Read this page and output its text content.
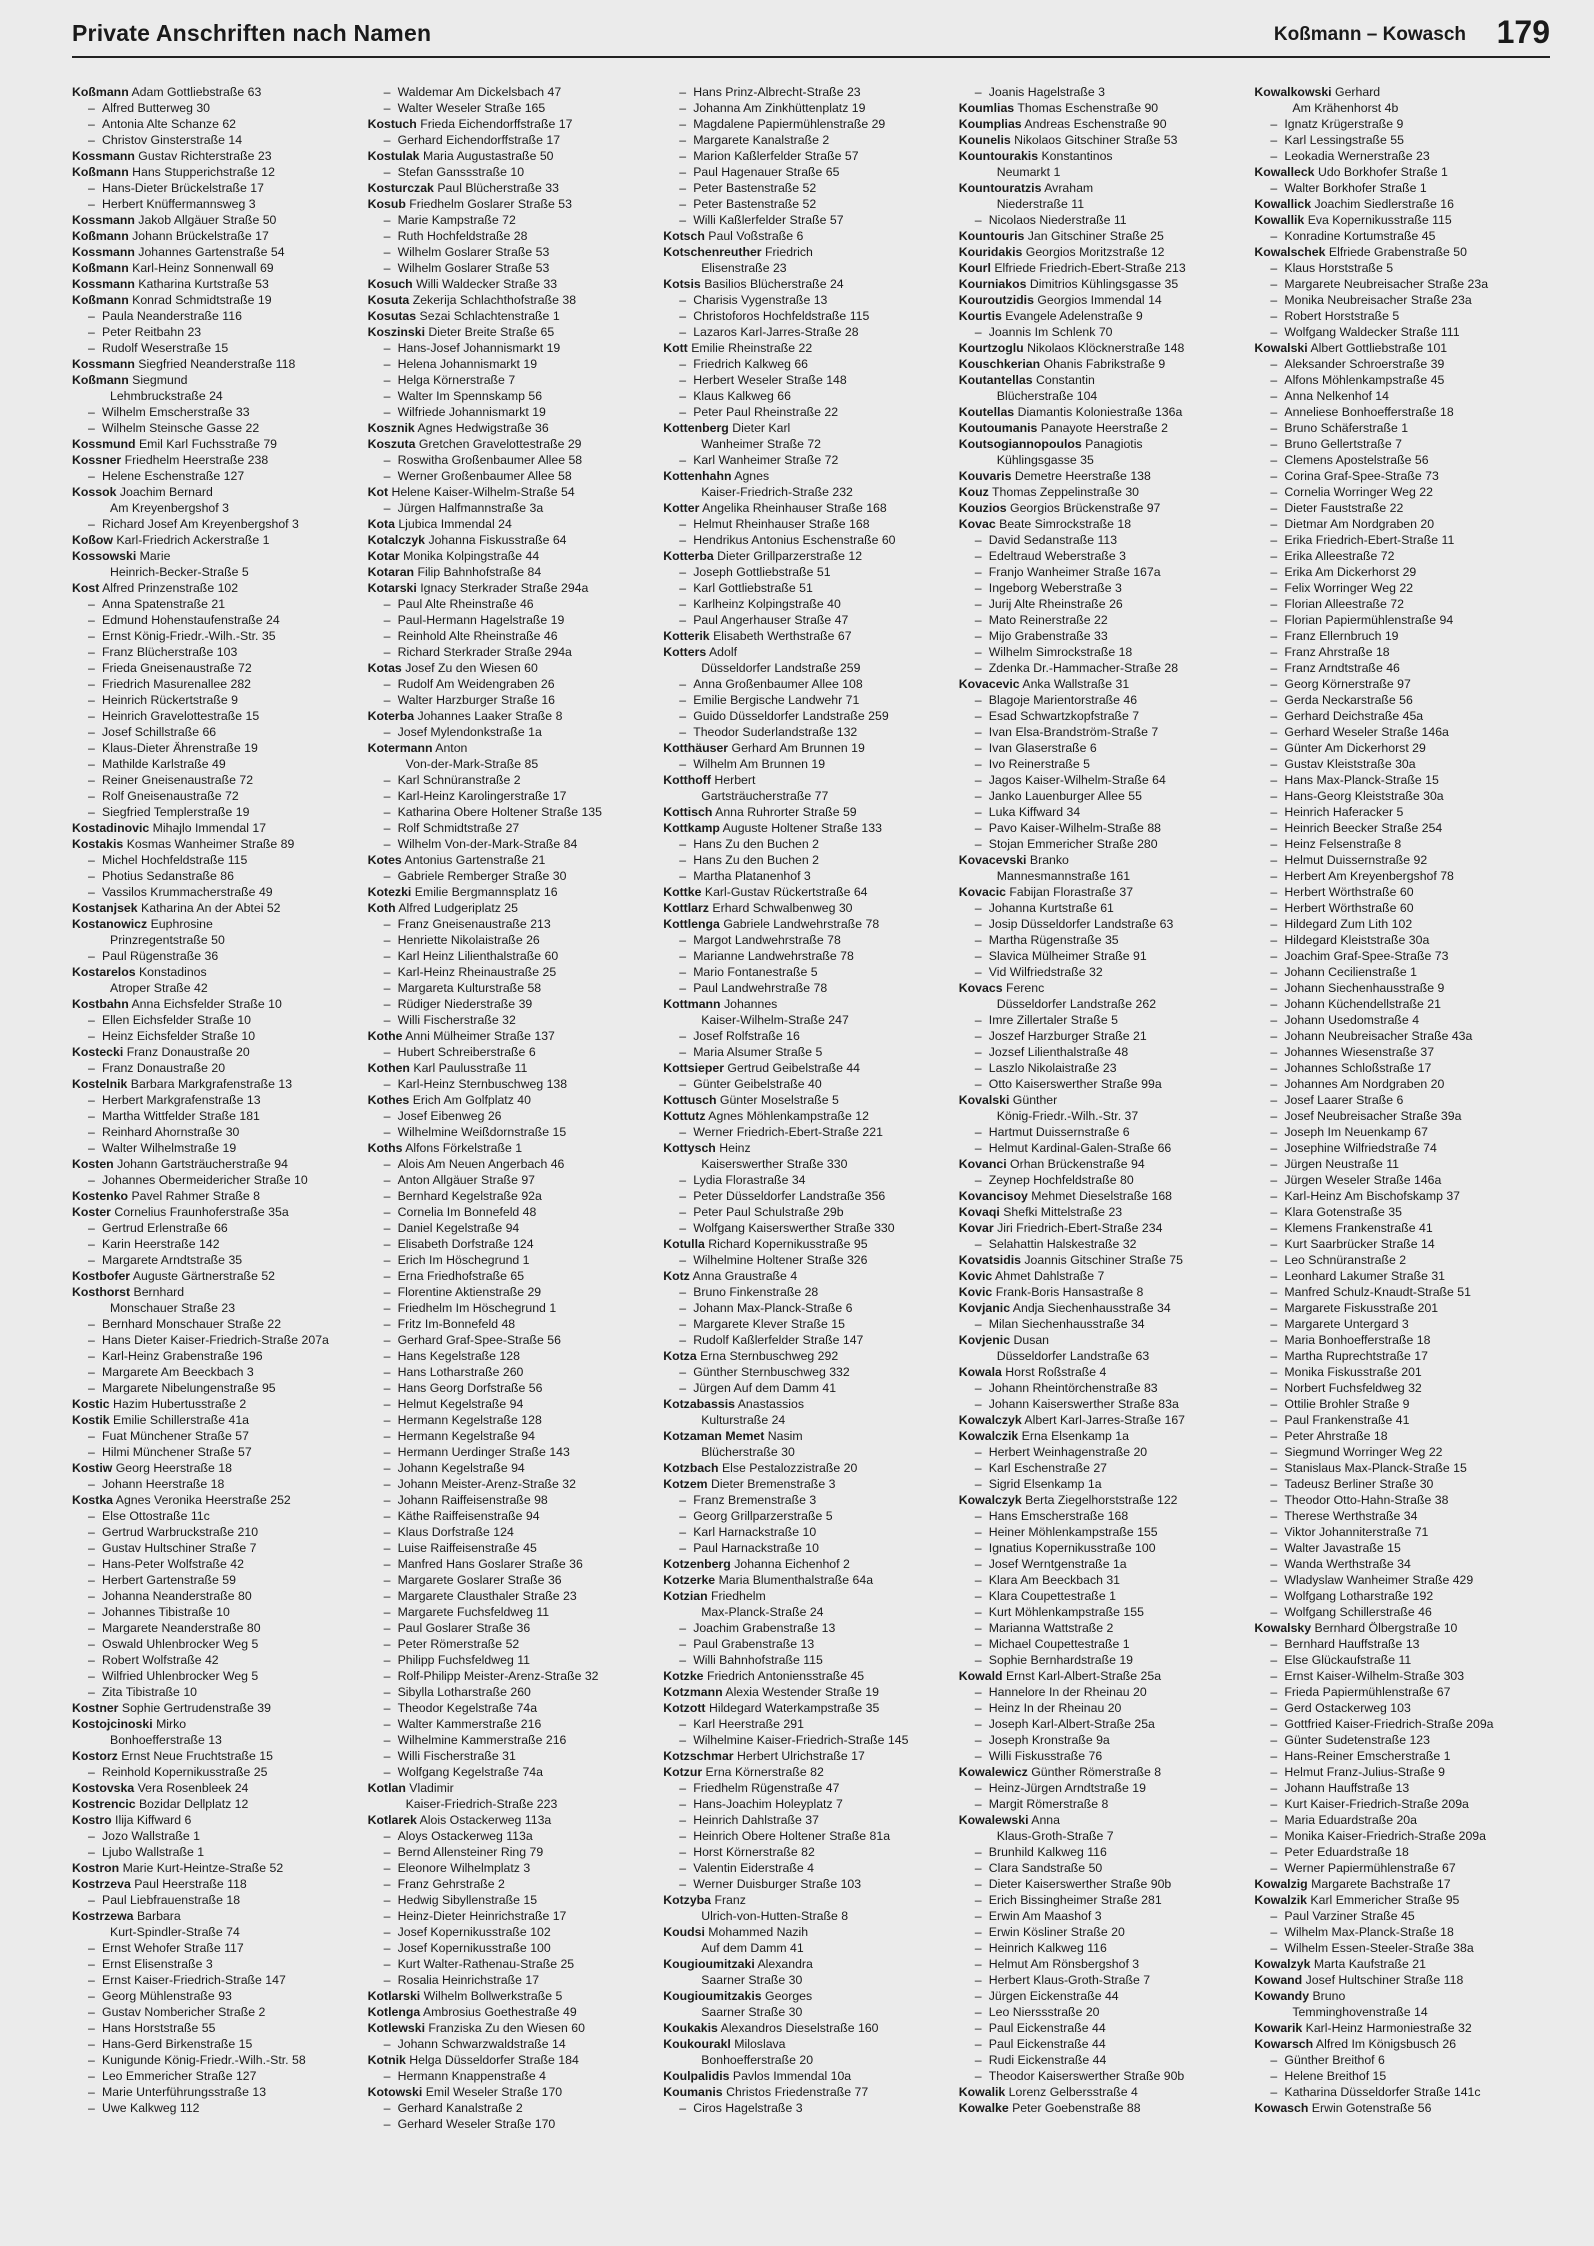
Private Anschriften nach Namen	Koßmann – Kowasch 179
Koßmann Adam Gottliebstraße 63
– Alfred Butterweg 30
– Antonia Alte Schanze 62
– Christov Ginsterstraße 14
Kossmann Gustav Richterstraße 23
Koßmann Hans Stupperichstraße 12
– Hans-Dieter Brückelstraße 17
– Herbert Knüffermannsweg 3
Kossmann Jakob Allgäuer Straße 50
Koßmann Johann Brückelstraße 17
Kossmann Johannes Gartenstraße 54
Koßmann Karl-Heinz Sonnenwall 69
Kossmann Katharina Kurtstraße 53
Koßmann Konrad Schmidtstraße 19
– Paula Neanderstraße 116
– Peter Reitbahn 23
– Rudolf Weserstraße 15
Kossmann Siegfried Neanderstraße 118
Koßmann Siegmund
Lehmbruckstraße 24
– Wilhelm Emscherstraße 33
– Wilhelm Steinsche Gasse 22
Kossmund Emil Karl Fuchsstraße 79
Kossner Friedhelm Heerstraße 238
– Helene Eschenstraße 127
Kossok Joachim Bernard
Am Kreyenbergshof 3
– Richard Josef Am Kreyenbergshof 3
Koßow Karl-Friedrich Ackerstraße 1
Kossowski Marie
Heinrich-Becker-Straße 5
Kost Alfred Prinzenstraße 102
– Anna Spatenstraße 21
– Edmund Hohenstaufenstraße 24
– Ernst König-Friedr.-Wilh.-Str. 35
– Franz Blücherstraße 103
– Frieda Gneisenaustraße 72
– Friedrich Masurenallee 282
– Heinrich Rückertstraße 9
– Heinrich Gravelottestraße 15
– Josef Schillstraße 66
– Klaus-Dieter Ährenstraße 19
– Mathilde Karlstraße 49
– Reiner Gneisenaustraße 72
– Rolf Gneisenaustraße 72
– Siegfried Templerstraße 19
Kostadinovic Mihajlo Immendal 17
Kostakis Kosmas Wanheimer Straße 89
– Michel Hochfeldstraße 115
– Photius Sedanstraße 86
– Vassilos Krummacherstraße 49
Kostanjsek Katharina An der Abtei 52
Kostanowicz Euphrosine
Prinzregentstraße 50
– Paul Rügenstraße 36
Kostarelos Konstadinos
Atroper Straße 42
Kostbahn Anna Eichsfelder Straße 10
– Ellen Eichsfelder Straße 10
– Heinz Eichsfelder Straße 10
Kostecki Franz Donaustraße 20
– Franz Donaustraße 20
Kostelnik Barbara Markgrafenstraße 13
– Herbert Markgrafenstraße 13
– Martha Wittfelder Straße 181
– Reinhard Ahornstraße 30
– Walter Wilhelmstraße 19
Kosten Johann Gartsträucherstraße 94
– Johannes Obermeidericher Straße 10
Kostenko Pavel Rahmer Straße 8
Koster Cornelius Fraunhoferstraße 35a
– Gertrud Erlenstraße 66
– Karin Heerstraße 142
– Margarete Arndtstraße 35
Kostbofer Auguste Gärtnerstraße 52
Kosthorst Bernhard
Monschauer Straße 23
– Bernhard Monschauer Straße 22
– Hans Dieter Kaiser-Friedrich-Straße 207a
– Karl-Heinz Grabenstraße 196
– Margarete Am Beeckbach 3
– Margarete Nibelungenstraße 95
Kostic Hazim Hubertusstraße 2
Kostik Emilie Schillerstraße 41a
– Fuat Münchener Straße 57
– Hilmi Münchener Straße 57
Kostiw Georg Heerstraße 18
– Johann Heerstraße 18
Kostka Agnes Veronika Heerstraße 252
– Else Ottostraße 11c
– Gertrud Warbruckstraße 210
– Gustav Hultschiner Straße 7
– Hans-Peter Wolfstraße 42
– Herbert Gartenstraße 59
– Johanna Neanderstraße 80
– Johannes Tibistraße 10
– Margarete Neanderstraße 80
– Oswald Uhlenbrocker Weg 5
– Robert Wolfstraße 42
– Wilfried Uhlenbrocker Weg 5
– Zita Tibistraße 10
Kostner Sophie Gertrudenstraße 39
Kostojcinoski Mirko
Bonhoefferstraße 13
Kostorz Ernst Neue Fruchtstraße 15
– Reinhold Kopernikusstraße 25
Kostovska Vera Rosenbleek 24
Kostrencic Bozidar Dellplatz 12
Kostro Ilija Kiffward 6
– Jozo Wallstraße 1
– Ljubo Wallstraße 1
Kostron Marie Kurt-Heintze-Straße 52
Kostrzeva Paul Heerstraße 118
– Paul Liebfrauenstraße 18
Kostrzewa Barbara
Kurt-Spindler-Straße 74
– Ernst Wehofer Straße 117
– Ernst Elisenstraße 3
– Ernst Kaiser-Friedrich-Straße 147
– Georg Mühlenstraße 93
– Gustav Nombericher Straße 2
– Hans Horststraße 55
– Hans-Gerd Birkenstraße 15
– Kunigunde König-Friedr.-Wilh.-Str. 58
– Leo Emmericher Straße 127
– Marie Unterführungsstraße 13
– Uwe Kalkweg 112
– Waldemar Am Dickelsbach 47
– Walter Weseler Straße 165
Kostuch Frieda Eichendorffstraße 17
– Gerhard Eichendorffstraße 17
Kostulak Maria Augustastraße 50
– Stefan Ganssstraße 10
Kosturczak Paul Blücherstraße 33
Kosub Friedhelm Goslarer Straße 53
– Marie Kampstraße 72
– Ruth Hochfeldstraße 28
– Wilhelm Goslarer Straße 53
– Wilhelm Goslarer Straße 53
Kosuch Willi Waldecker Straße 33
Kosuta Zekerija Schlachthofstraße 38
Kosutas Sezai Schlachtenstraße 1
Koszinski Dieter Breite Straße 65
– Hans-Josef Johannismarkt 19
– Helena Johannismarkt 19
– Helga Körnerstraße 7
– Walter Im Spennskamp 56
– Wilfriede Johannismarkt 19
Kosznik Agnes Hedwigstraße 36
Koszuta Gretchen Gravelottestraße 29
– Roswitha Großenbaumer Allee 58
– Werner Großenbaumer Allee 58
Kot Helene Kaiser-Wilhelm-Straße 54
– Jürgen Halfmannstraße 3a
Kota Ljubica Immendal 24
Kotalczyk Johanna Fiskusstraße 64
Kotar Monika Kolpingstraße 44
Kotaran Filip Bahnhofstraße 84
Kotarski Ignacy Sterkrader Straße 294a
– Paul Alte Rheinstraße 46
– Paul-Hermann Hagelstraße 19
– Reinhold Alte Rheinstraße 46
– Richard Sterkrader Straße 294a
Kotas Josef Zu den Wiesen 60
– Rudolf Am Weidengraben 26
– Walter Harzburger Straße 16
Koterba Johannes Laaker Straße 8
– Josef Mylendonkstraße 1a
Kotermann Anton
Von-der-Mark-Straße 85
– Karl Schnüranstraße 2
– Karl-Heinz Karolingerstraße 17
– Katharina Obere Holtener Straße 135
– Rolf Schmidtstraße 27
– Wilhelm Von-der-Mark-Straße 84
Kotes Antonius Gartenstraße 21
– Gabriele Remberger Straße 30
Kotezki Emilie Bergmannsplatz 16
Koth Alfred Ludgeriplatz 25
– Franz Gneisenaustraße 213
– Henriette Nikolaistraße 26
– Karl Heinz Lilienthalstraße 60
– Karl-Heinz Rheinaustraße 25
– Margareta Kulturstraße 58
– Rüdiger Niederstraße 39
– Willi Fischerstraße 32
Kothe Anni Mülheimer Straße 137
– Hubert Schreiberstraße 6
Kothen Karl Paulusstraße 11
– Karl-Heinz Sternbuschweg 138
Kothes Erich Am Golfplatz 40
– Josef Eibenweg 26
– Wilhelmine Weißdornstraße 15
Koths Alfons Förkelstraße 1
– Alois Am Neuen Angerbach 46
– Anton Allgäuer Straße 97
– Bernhard Kegelstraße 92a
– Cornelia Im Bonnefeld 48
– Daniel Kegelstraße 94
– Elisabeth Dorfstraße 124
– Erich Im Höschegrund 1
– Erna Friedhofstraße 65
– Florentine Aktienstraße 29
– Friedhelm Im Höschegrund 1
– Fritz Im-Bonnefeld 48
– Gerhard Graf-Spee-Straße 56
– Hans Kegelstraße 128
– Hans Lotharstraße 260
– Hans Georg Dorfstraße 56
– Helmut Kegelstraße 94
– Hermann Kegelstraße 128
– Hermann Kegelstraße 94
– Hermann Uerdinger Straße 143
– Johann Kegelstraße 94
– Johann Meister-Arenz-Straße 32
– Johann Raiffeisenstraße 98
– Käthe Raiffeisenstraße 94
– Klaus Dorfstraße 124
– Luise Raiffeisenstraße 45
– Manfred Hans Goslarer Straße 36
– Margarete Goslarer Straße 36
– Margarete Clausthaler Straße 23
– Margarete Fuchsfeldweg 11
– Paul Goslarer Straße 36
– Peter Römerstraße 52
– Philipp Fuchsfeldweg 11
– Rolf-Philipp Meister-Arenz-Straße 32
– Sibylla Lotharstraße 260
– Theodor Kegelstraße 74a
– Walter Kammerstraße 216
– Wilhelmine Kammerstraße 216
– Willi Fischerstraße 31
– Wolfgang Kegelstraße 74a
Kotlan Vladimir
Kaiser-Friedrich-Straße 223
Kotlarek Alois Ostackerweg 113a
– Aloys Ostackerweg 113a
– Bernd Allensteiner Ring 79
– Eleonore Wilhelmplatz 3
– Franz Gehrstraße 2
– Hedwig Sibyllenstraße 15
– Heinz-Dieter Heinrichstraße 17
– Josef Kopernikusstraße 102
– Josef Kopernikusstraße 100
– Kurt Walter-Rathenau-Straße 25
– Rosalia Heinrichstraße 17
Kotlarski Wilhelm Bollwerkstraße 5
Kotlenga Ambrosius Goethestraße 49
Kotlewski Franziska Zu den Wiesen 60
– Johann Schwarzwaldstraße 14
Kotnik Helga Düsseldorfer Straße 184
– Hermann Knappenstraße 4
Kotowski Emil Weseler Straße 170
– Gerhard Kanalstraße 2
– Gerhard Weseler Straße 170
– Hans Prinz-Albrecht-Straße 23
– Johanna Am Zinkhüttenplatz 19
– Magdalene Papiermühlenstraße 29
– Margarete Kanalstraße 2
– Marion Kaßlerfelder Straße 57
– Paul Hagenauer Straße 65
– Peter Bastenstraße 52
– Peter Bastenstraße 52
– Willi Kaßlerfelder Straße 57
Kotsch Paul Voßstraße 6
Kotschenreuther Friedrich
Elisenstraße 23
Kotsis Basilios Blücherstraße 24
– Charisis Vygenstraße 13
– Christoforos Hochfeldstraße 115
– Lazaros Karl-Jarres-Straße 28
Kott Emilie Rheinstraße 22
– Friedrich Kalkweg 66
– Herbert Weseler Straße 148
– Klaus Kalkweg 66
– Peter Paul Rheinstraße 22
Kottenberg Dieter Karl
Wanheimer Straße 72
– Karl Wanheimer Straße 72
Kottenhahn Agnes
Kaiser-Friedrich-Straße 232
Kotter Angelika Rheinhauser Straße 168
– Helmut Rheinhauser Straße 168
– Hendrikus Antonius Eschenstraße 60
Kotterba Dieter Grillparzerstraße 12
– Joseph Gottliebstraße 51
– Karl Gottliebstraße 51
– Karlheinz Kolpingstraße 40
– Paul Angerhauser Straße 47
Kotterik Elisabeth Werthstraße 67
Kotters Adolf
Düsseldorfer Landstraße 259
– Anna Großenbaumer Allee 108
– Emilie Bergische Landwehr 71
– Guido Düsseldorfer Landstraße 259
– Theodor Suderlandstraße 132
Kotthäuser Gerhard Am Brunnen 19
– Wilhelm Am Brunnen 19
Kotthoff Herbert
Gartsträucherstraße 77
Kottisch Anna Ruhrorter Straße 59
Kottkamp Auguste Holtener Straße 133
– Hans Zu den Buchen 2
– Hans Zu den Buchen 2
– Martha Platanenhof 3
Kottke Karl-Gustav Rückertstraße 64
Kottlarz Erhard Schwalbenweg 30
Kottlenga Gabriele Landwehrstraße 78
– Margot Landwehrstraße 78
– Marianne Landwehrstraße 78
– Mario Fontanestraße 5
– Paul Landwehrstraße 78
Kottmann Johannes
Kaiser-Wilhelm-Straße 247
– Josef Rolfstraße 16
– Maria Alsumer Straße 5
Kottsieper Gertrud Geibelstraße 44
– Günter Geibelstraße 40
Kottusch Günter Moselstraße 5
Kottutz Agnes Möhlenkampstraße 12
– Werner Friedrich-Ebert-Straße 221
Kottysch Heinz
Kaiserswerther Straße 330
– Lydia Florastraße 34
– Peter Düsseldorfer Landstraße 356
– Peter Paul Schulstraße 29b
– Wolfgang Kaiserswerther Straße 330
Kotulla Richard Kopernikusstraße 95
– Wilhelmine Holtener Straße 326
Kotz Anna Graustraße 4
– Bruno Finkenstraße 28
– Johann Max-Planck-Straße 6
– Margarete Klever Straße 15
– Rudolf Kaßlerfelder Straße 147
Kotza Erna Sternbuschweg 292
– Günther Sternbuschweg 332
– Jürgen Auf dem Damm 41
Kotzabassis Anastassios
Kulturstraße 24
Kotzaman Memet Nasim
Blücherstraße 30
Kotzbach Else Pestalozzistraße 20
Kotzem Dieter Bremenstraße 3
– Franz Bremenstraße 3
– Georg Grillparzerstraße 5
– Karl Harnackstraße 10
– Paul Harnackstraße 10
Kotzenberg Johanna Eichenhof 2
Kotzerke Maria Blumenthalstraße 64a
Kotzian Friedhelm
Max-Planck-Straße 24
– Joachim Grabenstraße 13
– Paul Grabenstraße 13
– Willi Bahnhofstraße 115
Kotzke Friedrich Antoniensstraße 45
Kotzmann Alexia Westender Straße 19
Kotzott Hildegard Waterkampstraße 35
– Karl Heerstraße 291
– Wilhelmine Kaiser-Friedrich-Straße 145
Kotzschmar Herbert Ulrichstraße 17
Kotzur Erna Körnerstraße 82
– Friedhelm Rügenstraße 47
– Hans-Joachim Holeyplatz 7
– Heinrich Dahlstraße 37
– Heinrich Obere Holtener Straße 81a
– Horst Körnerstraße 82
– Valentin Eiderstraße 4
– Werner Duisburger Straße 103
Kotzyba Franz
Ulrich-von-Hutten-Straße 8
Koudsi Mohammed Nazih
Auf dem Damm 41
Kougioumitzaki Alexandra
Saarner Straße 30
Kougioumitzakis Georges
Saarner Straße 30
Koukakis Alexandros Dieselstraße 160
Koukourakl Miloslava
Bonhoefferstraße 20
Koulpalidis Pavlos Immendal 10a
Koumanis Christos Friedenstraße 77
– Ciros Hagelstraße 3
– Joanis Hagelstraße 3
Koumlias Thomas Eschenstraße 90
Koumplias Andreas Eschenstraße 90
Kounelis Nikolaos Gitschiner Straße 53
Kountourakis Konstantinos
Neumarkt 1
Kountouratzis Avraham
Niederstraße 11
– Nicolaos Niederstraße 11
Kountouris Jan Gitschiner Straße 25
Kouridakis Georgios Moritzstraße 12
Kourl Elfriede Friedrich-Ebert-Straße 213
Kourniakos Dimitrios Kühlingsgasse 35
Kouroutzidis Georgios Immendal 14
Kourtis Evangele Adelenstraße 9
– Joannis Im Schlenk 70
Kourtzoglu Nikolaos Klöcknerstraße 148
Kouschkerian Ohanis Fabrikstraße 9
Koutantellas Constantin
Blücherstraße 104
Koutellas Diamantis Koloniestraße 136a
Koutoumanis Panayote Heerstraße 2
Koutsogiannopoulos Panagiotis
Kühlingsgasse 35
Kouvaris Demetre Heerstraße 138
Kouz Thomas Zeppelinstraße 30
Kouzios Georgios Brückenstraße 97
Kovac Beate Simrockstraße 18
– David Sedanstraße 113
– Edeltraud Weberstraße 3
– Franjo Wanheimer Straße 167a
– Ingeborg Weberstraße 3
– Jurij Alte Rheinstraße 26
– Mato Reinerstraße 22
– Mijo Grabenstraße 33
– Wilhelm Simrockstraße 18
– Zdenka Dr.-Hammacher-Straße 28
Kovacevic Anka Wallstraße 31
– Blagoje Marientorstraße 46
– Esad Schwartzkopfstraße 7
– Ivan Elsa-Brandström-Straße 7
– Ivan Glaserstraße 6
– Ivo Reinerstraße 5
– Jagos Kaiser-Wilhelm-Straße 64
– Janko Lauenburger Allee 55
– Luka Kiffward 34
– Pavo Kaiser-Wilhelm-Straße 88
– Stojan Emmericher Straße 280
Kovacevski Branko
Mannesmannstraße 161
Kovacic Fabijan Florastraße 37
– Johanna Kurtstraße 61
– Josip Düsseldorfer Landstraße 63
– Martha Rügenstraße 35
– Slavica Mülheimer Straße 91
– Vid Wilfriedstraße 32
Kovacs Ferenc
Düsseldorfer Landstraße 262
– Imre Zillertaler Straße 5
– Joszef Harzburger Straße 21
– Jozsef Lilienthalstraße 48
– Laszlo Nikolaistraße 23
– Otto Kaiserswerther Straße 99a
Kovalski Günther
König-Friedr.-Wilh.-Str. 37
– Hartmut Duissernstraße 6
– Helmut Kardinal-Galen-Straße 66
Kovanci Orhan Brückenstraße 94
– Zeynep Hochfeldstraße 80
Kovancisoy Mehmet Dieselstraße 168
Kovaqi Shefki Mittelstraße 23
Kovar Jiri Friedrich-Ebert-Straße 234
– Selahattin Halskestraße 32
Kovatsidis Joannis Gitschiner Straße 75
Kovic Ahmet Dahlstraße 7
Kovic Frank-Boris Hansastraße 8
Kovjanic Andja Siechenhausstraße 34
– Milan Siechenhausstraße 34
Kovjenic Dusan
Düsseldorfer Landstraße 63
Kowala Horst Roßstraße 4
– Johann Rheintörchenstraße 83
– Johann Kaiserswerther Straße 83a
Kowalczyk Albert Karl-Jarres-Straße 167
Kowalczik Erna Elsenkamp 1a
– Herbert Weinhagenstraße 20
– Karl Eschenstraße 27
– Sigrid Elsenkamp 1a
Kowalczyk Berta Ziegelhorststraße 122
– Hans Emscherstraße 168
– Heiner Möhlenkampstraße 155
– Ignatius Kopernikusstraße 100
– Josef Werntgenstraße 1a
– Klara Am Beeckbach 31
– Klara Coupettestraße 1
– Kurt Möhlenkampstraße 155
– Marianna Wattstraße 2
– Michael Coupettestraße 1
– Sophie Bernhardstraße 19
Kowald Ernst Karl-Albert-Straße 25a
– Hannelore In der Rheinau 20
– Heinz In der Rheinau 20
– Joseph Karl-Albert-Straße 25a
– Joseph Kronstraße 9a
– Willi Fiskusstraße 76
Kowalewicz Günther Römerstraße 8
– Heinz-Jürgen Arndtstraße 19
– Margit Römerstraße 8
Kowalewski Anna
Klaus-Groth-Straße 7
– Brunhild Kalkweg 116
– Clara Sandstraße 50
– Dieter Kaiserswerther Straße 90b
– Erich Bissingheimer Straße 281
– Erwin Am Maashof 3
– Erwin Kösliner Straße 20
– Heinrich Kalkweg 116
– Helmut Am Rönsbergshof 3
– Herbert Klaus-Groth-Straße 7
– Jürgen Eickenstraße 44
– Leo Nierssstraße 20
– Paul Eickenstraße 44
– Paul Eickenstraße 44
– Rudi Eickenstraße 44
– Theodor Kaiserswerther Straße 90b
Kowalik Lorenz Gelbersstraße 4
Kowalke Peter Goebenstraße 88
Kowalkowski Gerhard
Am Krähenhorst 4b
– Ignatz Krügerstraße 9
– Karl Lessingstraße 55
– Leokadia Wernerstraße 23
Kowalleck Udo Borkhofer Straße 1
– Walter Borkhofer Straße 1
Kowallick Joachim Siedlerstraße 16
Kowallik Eva Kopernikusstraße 115
– Konradine Kortumstraße 45
Kowalschek Elfriede Grabenstraße 50
– Klaus Horststraße 5
– Margarete Neubreisacher Straße 23a
– Monika Neubreisacher Straße 23a
– Robert Horststraße 5
– Wolfgang Waldecker Straße 111
Kowalski Albert Gottliebstraße 101
– Aleksander Schroerstraße 39
– Alfons Möhlenkampstraße 45
– Anna Nelkenhof 14
– Anneliese Bonhoefferstraße 18
– Bruno Schäferstraße 1
– Bruno Gellertstraße 7
– Clemens Apostelstraße 56
– Corina Graf-Spee-Straße 73
– Cornelia Worringer Weg 22
– Dieter Fauststraße 22
– Dietmar Am Nordgraben 20
– Erika Friedrich-Ebert-Straße 11
– Erika Alleestraße 72
– Erika Am Dickerhorst 29
– Felix Worringer Weg 22
– Florian Alleestraße 72
– Florian Papiermühlenstraße 94
– Franz Ellernbruch 19
– Franz Ahrstraße 18
– Franz Arndtstraße 46
– Georg Körnerstraße 97
– Gerda Neckarstraße 56
– Gerhard Deichstraße 45a
– Gerhard Weseler Straße 146a
– Günter Am Dickerhorst 29
– Gustav Kleiststraße 30a
– Hans Max-Planck-Straße 15
– Hans-Georg Kleiststraße 30a
– Heinrich Haferacker 5
– Heinrich Beecker Straße 254
– Heinz Felsenstraße 8
– Helmut Duissernstraße 92
– Herbert Am Kreyenbergshof 78
– Herbert Wörthstraße 60
– Herbert Wörthstraße 60
– Hildegard Zum Lith 102
– Hildegard Kleiststraße 30a
– Joachim Graf-Spee-Straße 73
– Johann Cecilienstraße 1
– Johann Siechenhausstraße 9
– Johann Küchendellstraße 21
– Johann Usedomstraße 4
– Johann Neubreisacher Straße 43a
– Johannes Wiesenstraße 37
– Johannes Schloßstraße 17
– Johannes Am Nordgraben 20
– Josef Laarer Straße 6
– Josef Neubreisacher Straße 39a
– Joseph Im Neuenkamp 67
– Josephine Wilfriedstraße 74
– Jürgen Neustraße 11
– Jürgen Weseler Straße 146a
– Karl-Heinz Am Bischofskamp 37
– Klara Gotenstraße 35
– Klemens Frankenstraße 41
– Kurt Saarbrücker Straße 14
– Leo Schnüranstraße 2
– Leonhard Lakumer Straße 31
– Manfred Schulz-Knaudt-Straße 51
– Margarete Fiskusstraße 201
– Margarete Untergard 3
– Maria Bonhoefferstraße 18
– Martha Ruprechtstraße 17
– Monika Fiskusstraße 201
– Norbert Fuchsfeldweg 32
– Ottilie Brohler Straße 9
– Paul Frankenstraße 41
– Peter Ahrstraße 18
– Siegmund Worringer Weg 22
– Stanislaus Max-Planck-Straße 15
– Tadeusz Berliner Straße 30
– Theodor Otto-Hahn-Straße 38
– Therese Werthstraße 34
– Viktor Johanniterstraße 71
– Walter Javastraße 15
– Wanda Werthstraße 34
– Wladyslaw Wanheimer Straße 429
– Wolfgang Lotharstraße 192
– Wolfgang Schillerstraße 46
Kowalsky Bernhard Ölbergstraße 10
– Bernhard Hauffstraße 13
– Else Glückaufstraße 11
– Ernst Kaiser-Wilhelm-Straße 303
– Frieda Papiermühlenstraße 67
– Gerd Ostackerweg 103
– Gottfried Kaiser-Friedrich-Straße 209a
– Günter Sudetenstraße 123
– Hans-Reiner Emscherstraße 1
– Helmut Franz-Julius-Straße 9
– Johann Hauffstraße 13
– Kurt Kaiser-Friedrich-Straße 209a
– Maria Eduardstraße 20a
– Monika Kaiser-Friedrich-Straße 209a
– Peter Eduardstraße 18
– Werner Papiermühlenstraße 67
Kowalzig Margarete Bachstraße 17
Kowalzik Karl Emmericher Straße 95
– Paul Varziner Straße 45
– Wilhelm Max-Planck-Straße 18
– Wilhelm Essen-Steeler-Straße 38a
Kowalzyk Marta Kaufstraße 21
Kowand Josef Hultschiner Straße 118
Kowandy Bruno
Temminghovenstraße 14
Kowarik Karl-Heinz Harmoniestraße 32
Kowarsch Alfred Im Königsbusch 26
– Günther Breithof 6
– Helene Breithof 15
– Katharina Düsseldorfer Straße 141c
Kowasch Erwin Gotenstraße 56
